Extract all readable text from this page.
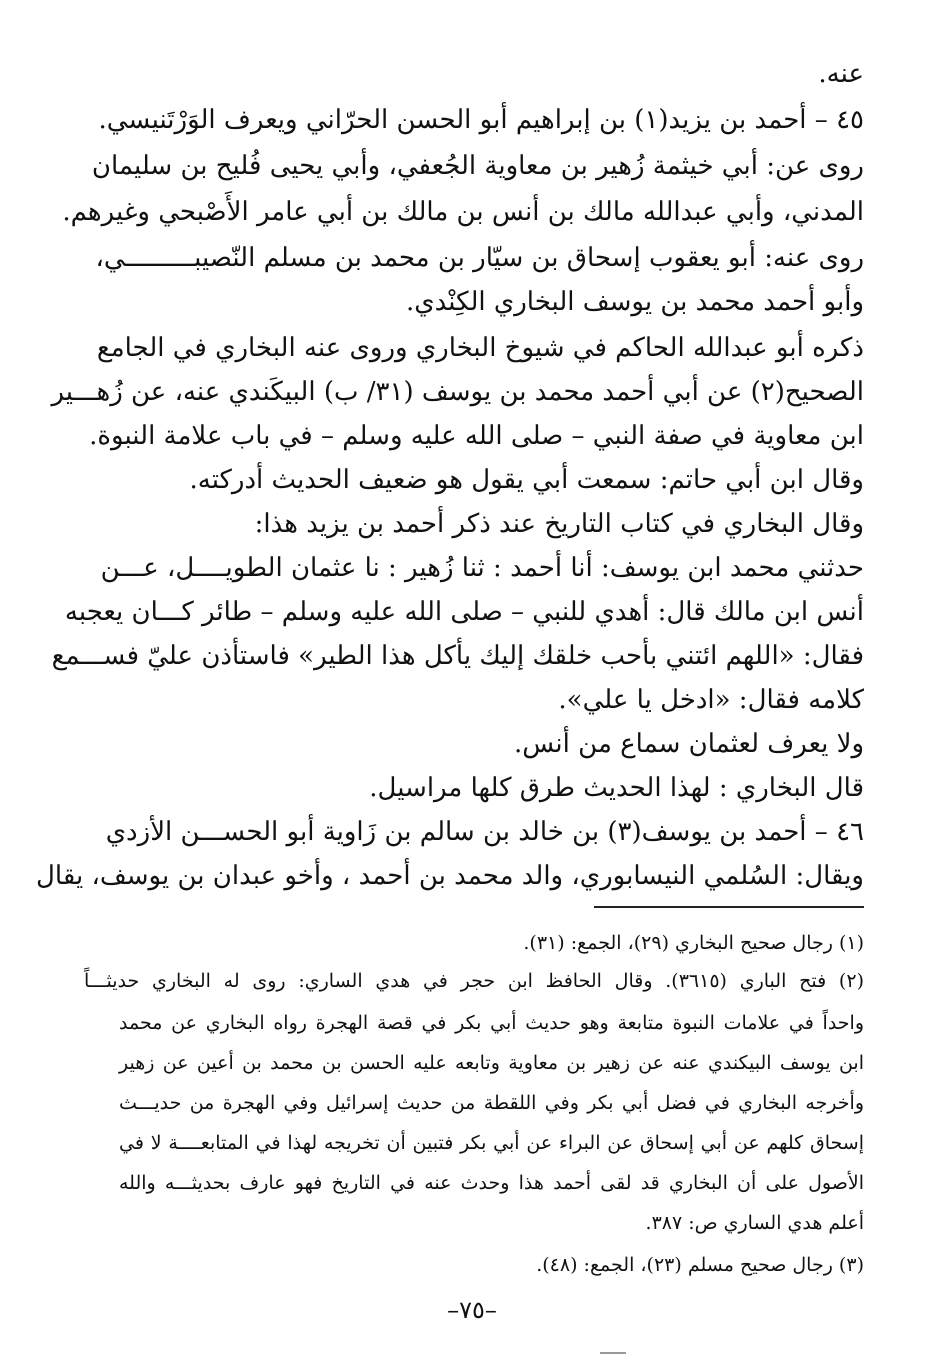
عنه.
٤٥ – أحمد بن يزيد(١) بن إبراهيم أبو الحسن الحرّاني ويعرف الوَرْتَنيسي.
روى عن: أبي خيثمة زُهير بن معاوية الجُعفي، وأبي يحيى فُليح بن سليمان
المدني، وأبي عبدالله مالك بن أنس بن مالك بن أبي عامر الأَصْبحي وغيرهم.
روى عنه: أبو يعقوب إسحاق بن سيّار بن محمد بن مسلم النّصيبـــــــــي،
وأبو أحمد محمد بن يوسف البخاري الكِنْدي.
ذكره أبو عبدالله الحاكم في شيوخ البخاري وروى عنه البخاري في الجامع
الصحيح(٢) عن أبي أحمد محمد بن يوسف (٣١/ ب) البيكَندي عنه، عن زُهـــير
ابن معاوية في صفة النبي – صلى الله عليه وسلم – في باب علامة النبوة.
وقال ابن أبي حاتم: سمعت أبي يقول هو ضعيف الحديث أدركته.
وقال البخاري في كتاب التاريخ عند ذكر أحمد بن يزيد هذا:
حدثني محمد ابن يوسف: أنا أحمد : ثنا زُهير : نا عثمان الطويــــل، عـــن
أنس ابن مالك قال: أهدي للنبي – صلى الله عليه وسلم – طائر كـــان يعجبه
فقال: «اللهم ائتني بأحب خلقك إليك يأكل هذا الطير» فاستأذن عليّ فســـمع
كلامه فقال: «ادخل يا علي».
ولا يعرف لعثمان سماع من أنس.
قال البخاري : لهذا الحديث طرق كلها مراسيل.
٤٦ – أحمد بن يوسف(٣) بن خالد بن سالم بن زَاوية أبو الحســـن الأزدي
ويقال: السُلمي النيسابوري، والد محمد بن أحمد ، وأخو عبدان بن يوسف، يقال
(١) رجال صحيح البخاري (٢٩)، الجمع: (٣١).
(٢) فتح الباري (٣٦١٥). وقال الحافظ ابن حجر في هدي الساري: روى له البخاري حديثـــاً
واحداً في علامات النبوة متابعة وهو حديث أبي بكر في قصة الهجرة رواه البخاري عن محمد
ابن يوسف البيكندي عنه عن زهير بن معاوية وتابعه عليه الحسن بن محمد بن أعين عن زهير
وأخرجه البخاري في فضل أبي بكر وفي اللقطة من حديث إسرائيل وفي الهجرة من حديـــث
إسحاق كلهم عن أبي إسحاق عن البراء عن أبي بكر فتبين أن تخريجه لهذا في المتابعــــة لا في
الأصول على أن البخاري قد لقى أحمد هذا وحدث عنه في التاريخ فهو عارف بحديثـــه والله
أعلم هدي الساري ص: ٣٨٧.
(٣) رجال صحيح مسلم (٢٣)، الجمع: (٤٨).
–٧٥–
